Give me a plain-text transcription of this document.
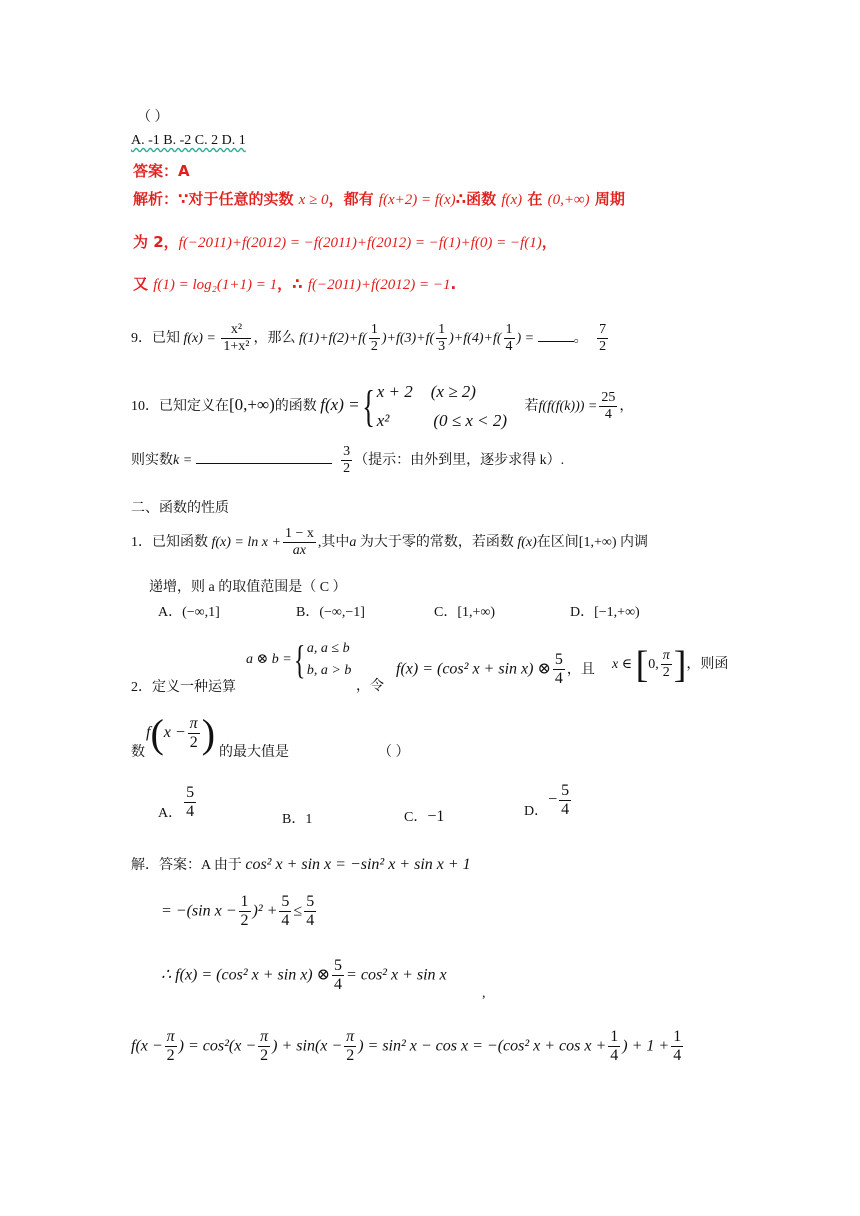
（ ）
A. -1 B. -2 C. 2 D. 1
答案：A
解析：∵对于任意的实数 x ≥ 0，都有 f(x+2) = f(x)∴函数 f(x) 在 (0,+∞) 周期
为 2，f(−2011)+f(2012) = −f(2011)+f(2012) = −f(1)+f(0) = −f(1)，
又 f(1) = log₂(1+1) = 1，∴ f(−2011)+f(2012) = −1.
9．已知 $f(x) = \frac{\text{x²}}{\text{1+x²}}$ ，那么 $f(1)+f(2)+f( \frac{1}{2} )+f(3)+f( \frac{1}{3} )+f(4)+f( \frac{1}{4}$ ) =	。 $\frac{7}{2}$
10．已知定义在[0,+∞)的函数 f(x) ={ x + 2 (x ≥ 2)
x²	(0 ≤ x < 2)
若$f(f(f(k))) = \frac{25}{4}$ ，
则实数k =	$\frac{3}{2}$ （提示：由外到里，逐步求得 k）.
二、函数的性质
1．已知函数 $f(x) = \ln x + \frac{1 - x}{ax}$ ,其中a 为大于零的常数，若函数 f(x)在区间[1,+∞) 内调
递增，则 a 的取值范围是（ C ）
A．(−∞,1]	B．(−∞,−1]	C．[1,+∞)	D．[−1,+∞)
a ⊗ b ={ a, a ≤ b
b, a > b
2．定义一种运算	，令
f(x) = (cos² x + sin x) ⊗ $\frac{5}{4}$ ，且 x ∈ [0, $\frac{\pi}{2}$ ]，则函
数
$f(x - \frac{\pi}{2}$ ) 的最大值是	（ ）
A． $\frac{5}{4}$	B．1	C．−1	D．− $\frac{5}{4}$
解．答案：A 由于 cos² x + sin x = −sin² x + sin x + 1
= −(sin $x - \frac{1}{2} )^2 + \frac{5}{4} \le \frac{5}{4}$
∴ f(x) = (cos² x + sin x) ⊗ $\frac{5}{4} = \cos^2$ x + sin x
,
$f(x - \frac{\pi}{2}$ ) = $\cos^2(x - \frac{\pi}{2}$ ) + $\sin(x - \frac{\pi}{2}$ ) = sin² x − cos x = −(cos² $x + \cos x + \frac{1}{4}$ ) + $1 + \frac{1}{4}$
